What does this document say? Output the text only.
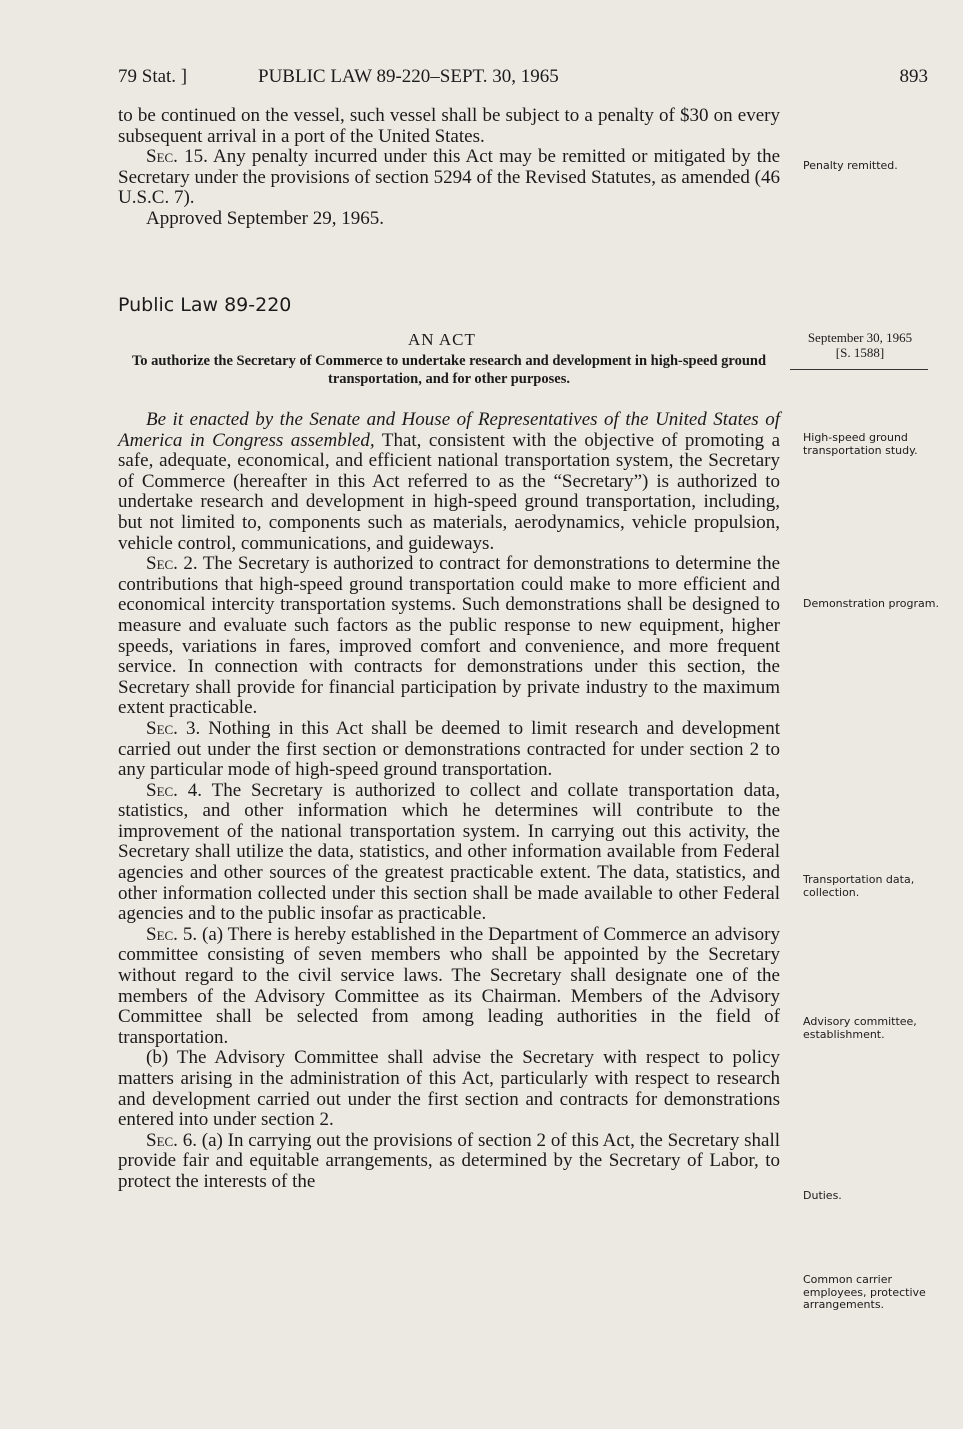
79 Stat. ]	PUBLIC LAW 89-220–SEPT. 30, 1965	893

to be continued on the vessel, such vessel shall be subject to a penalty of $30 on every subsequent arrival in a port of the United States.

Sec. 15. Any penalty incurred under this Act may be remitted or mitigated by the Secretary under the provisions of section 5294 of the Revised Statutes, as amended (46 U.S.C. 7).

Approved September 29, 1965.

Penalty remitted.
Public Law 89-220
AN ACT
To authorize the Secretary of Commerce to undertake research and development in high-speed ground transportation, and for other purposes.
September 30, 1965
[S. 1588]

Be it enacted by the Senate and House of Representatives of the United States of America in Congress assembled, That, consistent with the objective of promoting a safe, adequate, economical, and efficient national transportation system, the Secretary of Commerce (hereafter in this Act referred to as the “Secretary”) is authorized to undertake research and development in high-speed ground transportation, including, but not limited to, components such as materials, aerodynamics, vehicle propulsion, vehicle control, communications, and guideways.

Sec. 2. The Secretary is authorized to contract for demonstrations to determine the contributions that high-speed ground transportation could make to more efficient and economical intercity transportation systems. Such demonstrations shall be designed to measure and evaluate such factors as the public response to new equipment, higher speeds, variations in fares, improved comfort and convenience, and more frequent service. In connection with contracts for demonstrations under this section, the Secretary shall provide for financial participation by private industry to the maximum extent practicable.

Sec. 3. Nothing in this Act shall be deemed to limit research and development carried out under the first section or demonstrations contracted for under section 2 to any particular mode of high-speed ground transportation.

Sec. 4. The Secretary is authorized to collect and collate transportation data, statistics, and other information which he determines will contribute to the improvement of the national transportation system. In carrying out this activity, the Secretary shall utilize the data, statistics, and other information available from Federal agencies and other sources of the greatest practicable extent. The data, statistics, and other information collected under this section shall be made available to other Federal agencies and to the public insofar as practicable.

Sec. 5. (a) There is hereby established in the Department of Commerce an advisory committee consisting of seven members who shall be appointed by the Secretary without regard to the civil service laws. The Secretary shall designate one of the members of the Advisory Committee as its Chairman. Members of the Advisory Committee shall be selected from among leading authorities in the field of transportation.

(b) The Advisory Committee shall advise the Secretary with respect to policy matters arising in the administration of this Act, particularly with respect to research and development carried out under the first section and contracts for demonstrations entered into under section 2.

Sec. 6. (a) In carrying out the provisions of section 2 of this Act, the Secretary shall provide fair and equitable arrangements, as determined by the Secretary of Labor, to protect the interests of the

High-speed ground transportation study.
Demonstration program.
Transportation data, collection.
Advisory committee, establishment.
Duties.
Common carrier employees, protective arrangements.
